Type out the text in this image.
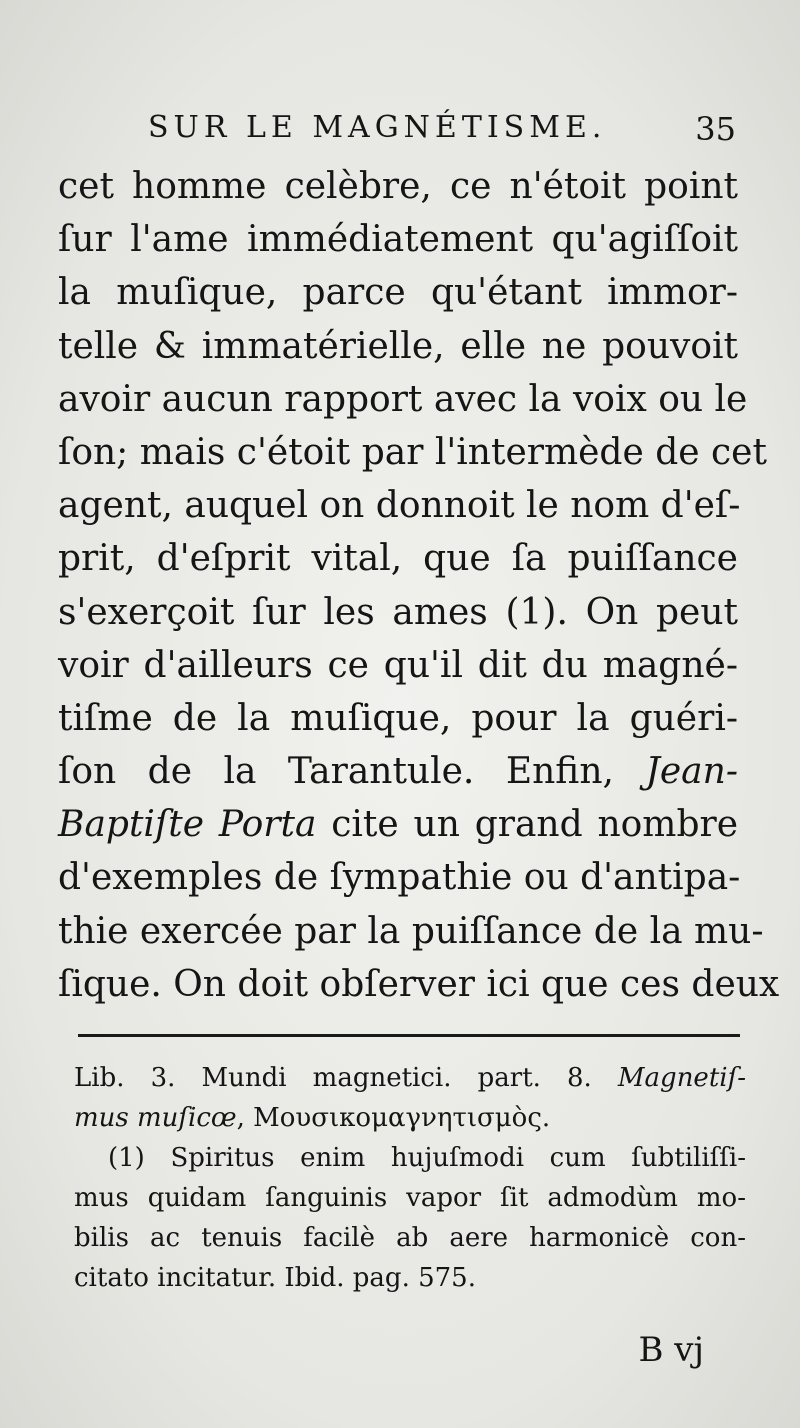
SUR LE MAGNÉTISME.	35
cet homme celèbre, ce n'étoit point
ſur l'ame immédiatement qu'agiſſoit
la muſique, parce qu'étant immor-
telle & immatérielle, elle ne pouvoit
avoir aucun rapport avec la voix ou le
ſon; mais c'étoit par l'intermède de cet
agent, auquel on donnoit le nom d'eſ-
prit, d'eſprit vital, que ſa puiſſance
s'exerçoit ſur les ames (1). On peut
voir d'ailleurs ce qu'il dit du magné-
tiſme de la muſique, pour la guéri-
ſon de la Tarantule. Enfin, Jean-
Baptiſte Porta cite un grand nombre
d'exemples de ſympathie ou d'antipa-
thie exercée par la puiſſance de la mu-
ſique. On doit obſerver ici que ces deux
Lib. 3. Mundi magnetici. part. 8. Magnetiſ-
mus muſicœ, Μουσικομαγνητισμὸς.
(1) Spiritus enim hujuſmodi cum ſubtiliſſi-
mus quidam ſanguinis vapor ſit admodùm mo-
bilis ac tenuis facilè ab aere harmonicè con-
citato incitatur. Ibid. pag. 575.
B vj
